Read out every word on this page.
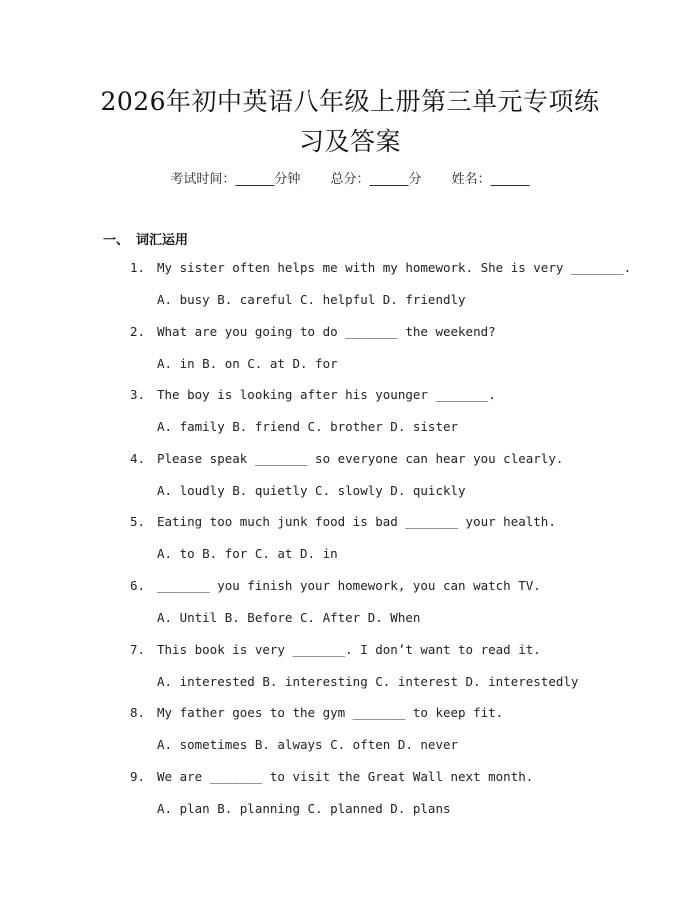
2026年初中英语八年级上册第三单元专项练
习及答案
考试时间：______分钟 总分：______分 姓名：______
一、 词汇运用
1. My sister often helps me with my homework. She is very _______.
A. busy B. careful C. helpful D. friendly
2. What are you going to do _______ the weekend?
A. in B. on C. at D. for
3. The boy is looking after his younger _______.
A. family B. friend C. brother D. sister
4. Please speak _______ so everyone can hear you clearly.
A. loudly B. quietly C. slowly D. quickly
5. Eating too much junk food is bad _______ your health.
A. to B. for C. at D. in
6. _______ you finish your homework, you can watch TV.
A. Until B. Before C. After D. When
7. This book is very _______. I don’t want to read it.
A. interested B. interesting C. interest D. interestedly
8. My father goes to the gym _______ to keep fit.
A. sometimes B. always C. often D. never
9. We are _______ to visit the Great Wall next month.
A. plan B. planning C. planned D. plans
